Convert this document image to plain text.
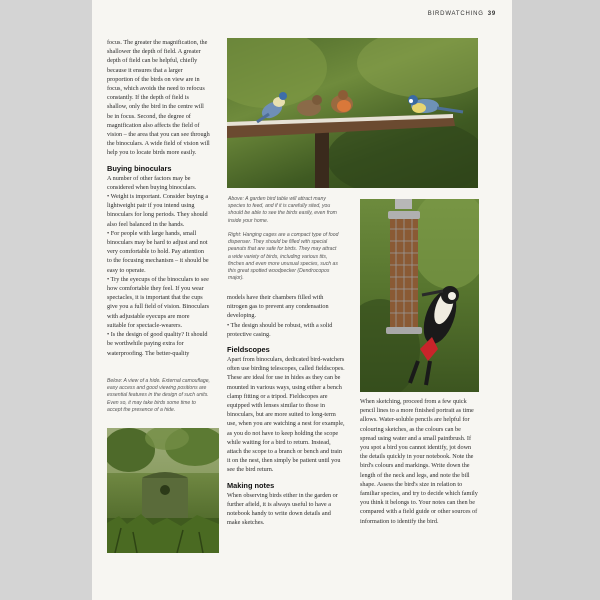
BIRDWATCHING 39

focus. The greater the magnification, the shallower the depth of field. A greater depth of field can be helpful, chiefly because it ensures that a larger proportion of the birds on view are in focus, which avoids the need to refocus constantly. If the depth of field is shallow, only the bird in the centre will be in focus. Second, the degree of magnification also affects the field of vision – the area that you can see through the binoculars. A wide field of vision will help you to locate birds more easily.

Buying binoculars

A number of other factors may be considered when buying binoculars.

• Weight is important. Consider buying a lightweight pair if you intend using binoculars for long periods. They should also feel balanced in the hands.

• For people with large hands, small binoculars may be hard to adjust and not very comfortable to hold. Pay attention to the focusing mechanism – it should be easy to operate.

• Try the eyecups of the binoculars to see how comfortable they feel. If you wear spectacles, it is important that the cups give you a full field of vision. Binoculars with adjustable eyecups are more suitable for spectacle-wearers.

• Is the design of good quality? It should be worthwhile paying extra for waterproofing. The better-quality

Below: A view of a hide. External camouflage, easy access and good viewing positions are essential features in the design of such units. Even so, it may take birds some time to accept the presence of a hide.
Above: A garden bird table will attract many species to feed, and if it is carefully sited, you should be able to see the birds easily, even from inside your home.
Right: Hanging cages are a compact type of food dispenser. They should be filled with special peanuts that are safe for birds. They may attract a wide variety of birds, including various tits, finches and even more unusual species, such as this great spotted woodpecker (Dendrocopos major).

models have their chambers filled with nitrogen gas to prevent any condensation developing.

• The design should be robust, with a solid protective casing.

Fieldscopes

Apart from binoculars, dedicated bird-watchers often use birding telescopes, called fieldscopes. These are ideal for use in hides as they can be mounted in various ways, using either a bench clamp fitting or a tripod. Fieldscopes are equipped with lenses similar to those in binoculars, but are more suited to long-term use, when you are watching a nest for example, as you do not have to keep holding the scope while waiting for a bird to return. Instead, attach the scope to a branch or bench and train it on the nest, then simply be patient until you see the bird return.

Making notes

When observing birds either in the garden or further afield, it is always useful to have a notebook handy to write down details and make sketches.

When sketching, proceed from a few quick pencil lines to a more finished portrait as time allows. Water-soluble pencils are helpful for colouring sketches, as the colours can be spread using water and a small paintbrush. If you spot a bird you cannot identify, jot down the details quickly in your notebook. Note the bird's colours and markings. Write down the length of the neck and legs, and note the bill shape. Assess the bird's size in relation to familiar species, and try to decide which family you think it belongs to. Your notes can then be compared with a field guide or other sources of information to identify the bird.
